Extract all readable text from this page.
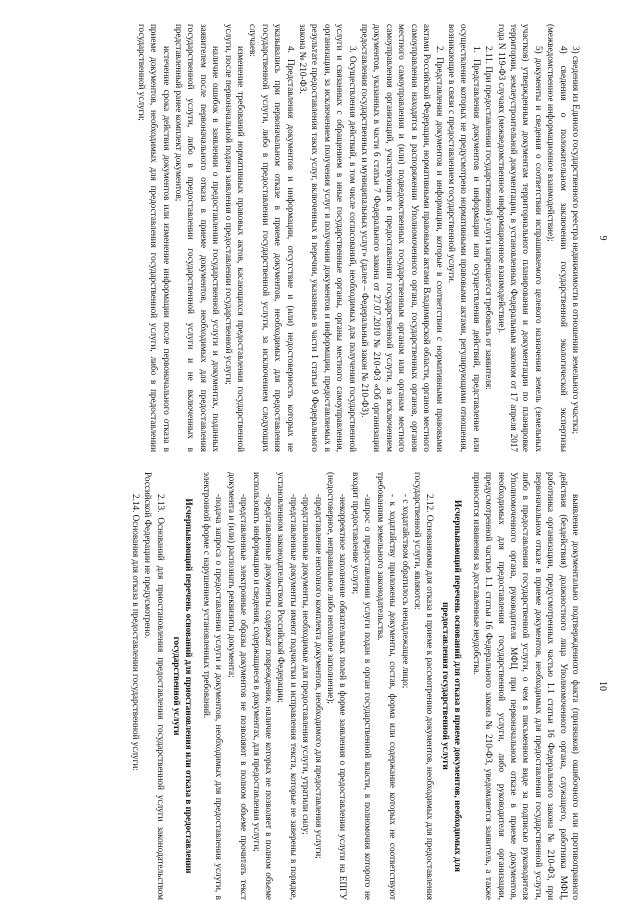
9

3) сведения из Единого государственного реестра недвижимости в отношении земельного участка;

4) сведения о положительном заключении государственной экологической экспертизы (межведомственное информационное взаимодействие);

5) документы и сведения о соответствии испрашиваемого целевого назначения земель (земельных участков) утвержденным документам территориального планирования и документации по планировке территории, землеустроительной документации, в установленных Федеральным законом от 17 апреля 2017 года N 119-ФЗ случаях (межведомственное информационное взаимодействие).

2.11. При предоставлении государственной услуги запрещается требовать от заявителя:

1. Представления документов и информации или осуществления действий, представление или осуществление которых не предусмотрено нормативными правовыми актами, регулирующими отношения, возникающие в связи с предоставлением государственной услуги.

2. Представления документов и информации, которые в соответствии с нормативными правовыми актами Российской Федерации, нормативными правовыми актами Владимирской области, органов местного самоуправления находятся в распоряжении Уполномоченного органа, государственных органов, органов местного самоуправления и (или) подведомственных государственным органам или органам местного самоуправления организаций, участвующих в предоставлении государственной услуги, за исключением документов, указанных в части 6 статьи 7 Федерального закона от 27.07.2010 № 210-ФЗ «Об организации предоставления государственных и муниципальных услуг» (далее – Федеральный закон № 210-ФЗ).

3. Осуществления действий, в том числе согласований, необходимых для получения государственной услуги и связанных с обращением в иные государственные органы, органы местного самоуправления, организации, за исключением получения услуг и получения документов и информации, предоставляемых в результате предоставления таких услуг, включенных в перечни, указанные в части 1 статьи 9 Федерального закона № 210-ФЗ.

4. Представления документов и информации, отсутствие и (или) недостоверность которых не указывались при первоначальном отказе в приеме документов, необходимых для предоставления государственной услуги, либо в предоставлении государственной услуги, за исключением следующих случаев:

изменение требований нормативных правовых актов, касающихся предоставления государственной услуги, после первоначальной подачи заявления о предоставлении государственной услуги;

наличие ошибок в заявлении о предоставлении государственной услуги и документах, поданных заявителем после первоначального отказа в приеме документов, необходимых для предоставления государственной услуги, либо в предоставлении государственной услуги и не включенных в представленный ранее комплект документов;

истечение срока действия документов или изменение информации после первоначального отказа в приеме документов, необходимых для предоставления государственной услуги, либо в предоставлении государственной услуги;

10

выявление документально подтвержденного факта (признаков) ошибочного или противоправного действия (бездействия) должностного лица Уполномоченного органа, служащего, работника МФЦ, работника организации, предусмотренных частью 1.1 статьи 16 Федерального закона № 210-ФЗ, при первоначальном отказе в приеме документов, необходимых для предоставления государственной услуги, либо в предоставлении государственной услуги, о чем в письменном виде за подписью руководителя Уполномоченного органа, руководителя МФЦ при первоначальном отказе в приеме документов, необходимых для предоставления государственной услуги, либо руководителя организации, предусмотренной частью 1.1 статьи 16 Федерального закона № 210-ФЗ, уведомляется заявитель, а также приносятся извинения за доставленные неудобства.

Исчерпывающий перечень оснований для отказа в приеме документов, необходимых для предоставления государственной услуги

2.12. Основаниями для отказа в приеме к рассмотрению документов, необходимых для предоставления государственной услуги, являются:

- с ходатайством обратилось ненадлежащее лицо;

- к ходатайству приложены документы, состав, форма или содержание которых не соответствуют требованиям земельного законодательства.

-запрос о предоставлении услуги подан в орган государственной власти, в полномочия которого не входит предоставление услуги;

-некорректное заполнение обязательных полей в форме заявления о предоставлении услуги на ЕПГУ (недостоверное, неправильное либо неполное заполнение);

-представление неполного комплекта документов, необходимого для предоставления услуги;

-представленные документы, необходимые для предоставления услуги, утратили силу;

-представленные документы имеют подчистки и исправления текста, которые не заверены в порядке, установленном законодательством Российской Федерации;

-представленные документы содержат повреждения, наличие которых не позволяет в полном объеме использовать информацию и сведения, содержащиеся в документах, для предоставления услуги;

-представленные электронные образы документов не позволяют в полном объеме прочитать текст документа и (или) распознать реквизиты документа;

-подача запроса о предоставлении услуги и документов, необходимых для предоставления услуги, в электронной форме с нарушением установленных требований.

Исчерпывающий перечень оснований для приостановления или отказа в предоставлении государственной услуги

2.13. Оснований для приостановления предоставления государственной услуги законодательством Российской Федерации не предусмотрено.

2.14. Основания для отказа в предоставлении государственной услуги:
